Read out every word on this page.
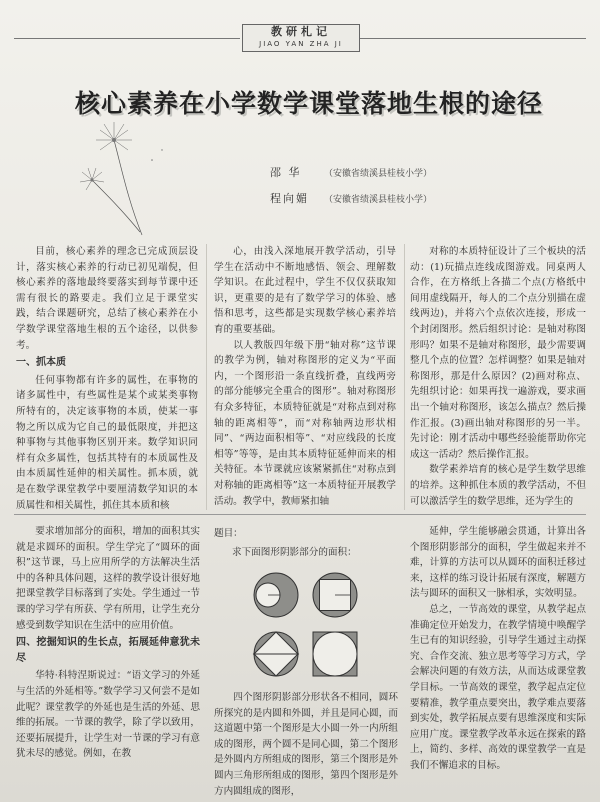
教研札记
JIAO YAN ZHA JI
核心素养在小学数学课堂落地生根的途径
邵 华	（安徽省绩溪县桂枝小学）
程向媚 （安徽省绩溪县桂枝小学）

目前，核心素养的理念已完成顶层设计，落实核心素养的行动已初见端倪，但核心素养的落地最终要落实到每节课中还需有很长的路要走。我们立足于课堂实践，结合课题研究，总结了核心素养在小学数学课堂落地生根的五个途径，以供参考。

一、抓本质

任何事物都有许多的属性，在事物的诸多属性中，有些属性是某个或某类事物所特有的，决定该事物的本质，使某一事物之所以成为它自己的最低限度，并把这种事物与其他事物区别开来。数学知识同样有众多属性，包括其特有的本质属性及由本质属性延伸的相关属性。抓本质，就是在数学课堂教学中要厘清数学知识的本质属性和相关属性，抓住其本质和核

心，由浅入深地展开教学活动，引导学生在活动中不断地感悟、领会、理解数学知识。在此过程中，学生不仅仅获取知识，更重要的是有了数学学习的体验、感悟和思考，这些都是实现数学核心素养培育的重要基础。

以人教版四年级下册“轴对称”这节课的教学为例，轴对称图形的定义为“平面内，一个图形沿一条直线折叠，直线两旁的部分能够完全重合的图形”。轴对称图形有众多特征，本质特征就是“对称点到对称轴的距离相等”，而“对称轴两边形状相同”、“两边面积相等”、“对应线段的长度相等”等等，是由其本质特征延伸而来的相关特征。本节课就应该紧紧抓住“对称点到对称轴的距离相等”这一本质特征开展教学活动。教学中，教师紧扣轴

对称的本质特征设计了三个板块的活动：(1)玩描点连线成图游戏。同桌两人合作，在方格纸上各描二个点(方格纸中间用虚线隔开，每人的二个点分别描在虚线两边)，并将六个点依次连接，形成一个封闭图形。然后组织讨论：是轴对称图形吗？如果不是轴对称图形，最少需要调整几个点的位置？怎样调整？如果是轴对称图形，那是什么原因？(2)画对称点、先组织讨论：如果再找一遍游戏，要求画出一个轴对称图形，该怎么描点？然后操作汇报。(3)画出轴对称图形的另一半。先讨论：刚才活动中哪些经验能帮助你完成这一活动？然后操作汇报。

数学素养培育的核心是学生数学思维的培养。这种抓住本质的教学活动，不但可以激活学生的数学思维，还为学生的

要求增加部分的面积，增加的面积其实就是求圆环的面积。学生学完了“圆环的面积”这节课，马上应用所学的方法解决生活中的各种具体问题，这样的教学设计很好地把课堂教学目标落到了实处。学生通过一节课的学习学有所获、学有所用，让学生充分感受到数学知识在生活中的应用价值。

四、挖掘知识的生长点，拓展延伸意犹未尽

华特·科特涅斯说过：“语文学习的外延与生活的外延相等。”数学学习又何尝不是如此呢？课堂教学的外延也是生活的外延、思维的拓展。一节课的教学，除了学以致用，还要拓展提升，让学生对一节课的学习有意犹未尽的感觉。例如，在教

题目：
求下面图形阴影部分的面积：

四个图形阴影部分形状各不相同，圆环所探究的是内圆和外圆，并且是同心圆，而这道题中第一个图形是大小圆一外一内所组成的图形，两个圆不是同心圆，第二个图形是外圆内方所组成的图形，第三个图形是外圆内三角形所组成的图形，第四个图形是外方内圆组成的图形，

延伸，学生能够融会贯通，计算出各个图形阴影部分的面积，学生做起来并不难，计算的方法可以从圆环的面积迁移过来，这样的练习设计拓展有深度，解题方法与圆环的面积又一脉相承，实效明显。

总之，一节高效的课堂，从教学起点准确定位开始发力，在教学情境中唤醒学生已有的知识经验，引导学生通过主动探究、合作交流、独立思考等学习方式，学会解决问题的有效方法，从而达成课堂教学目标。一节高效的课堂，教学起点定位要精准，教学重点要突出，教学难点要落到实处，教学拓展点要有思维深度和实际应用广度。课堂教学改革永远在探索的路上，简约、多样、高效的课堂教学一直是我们不懈追求的目标。
